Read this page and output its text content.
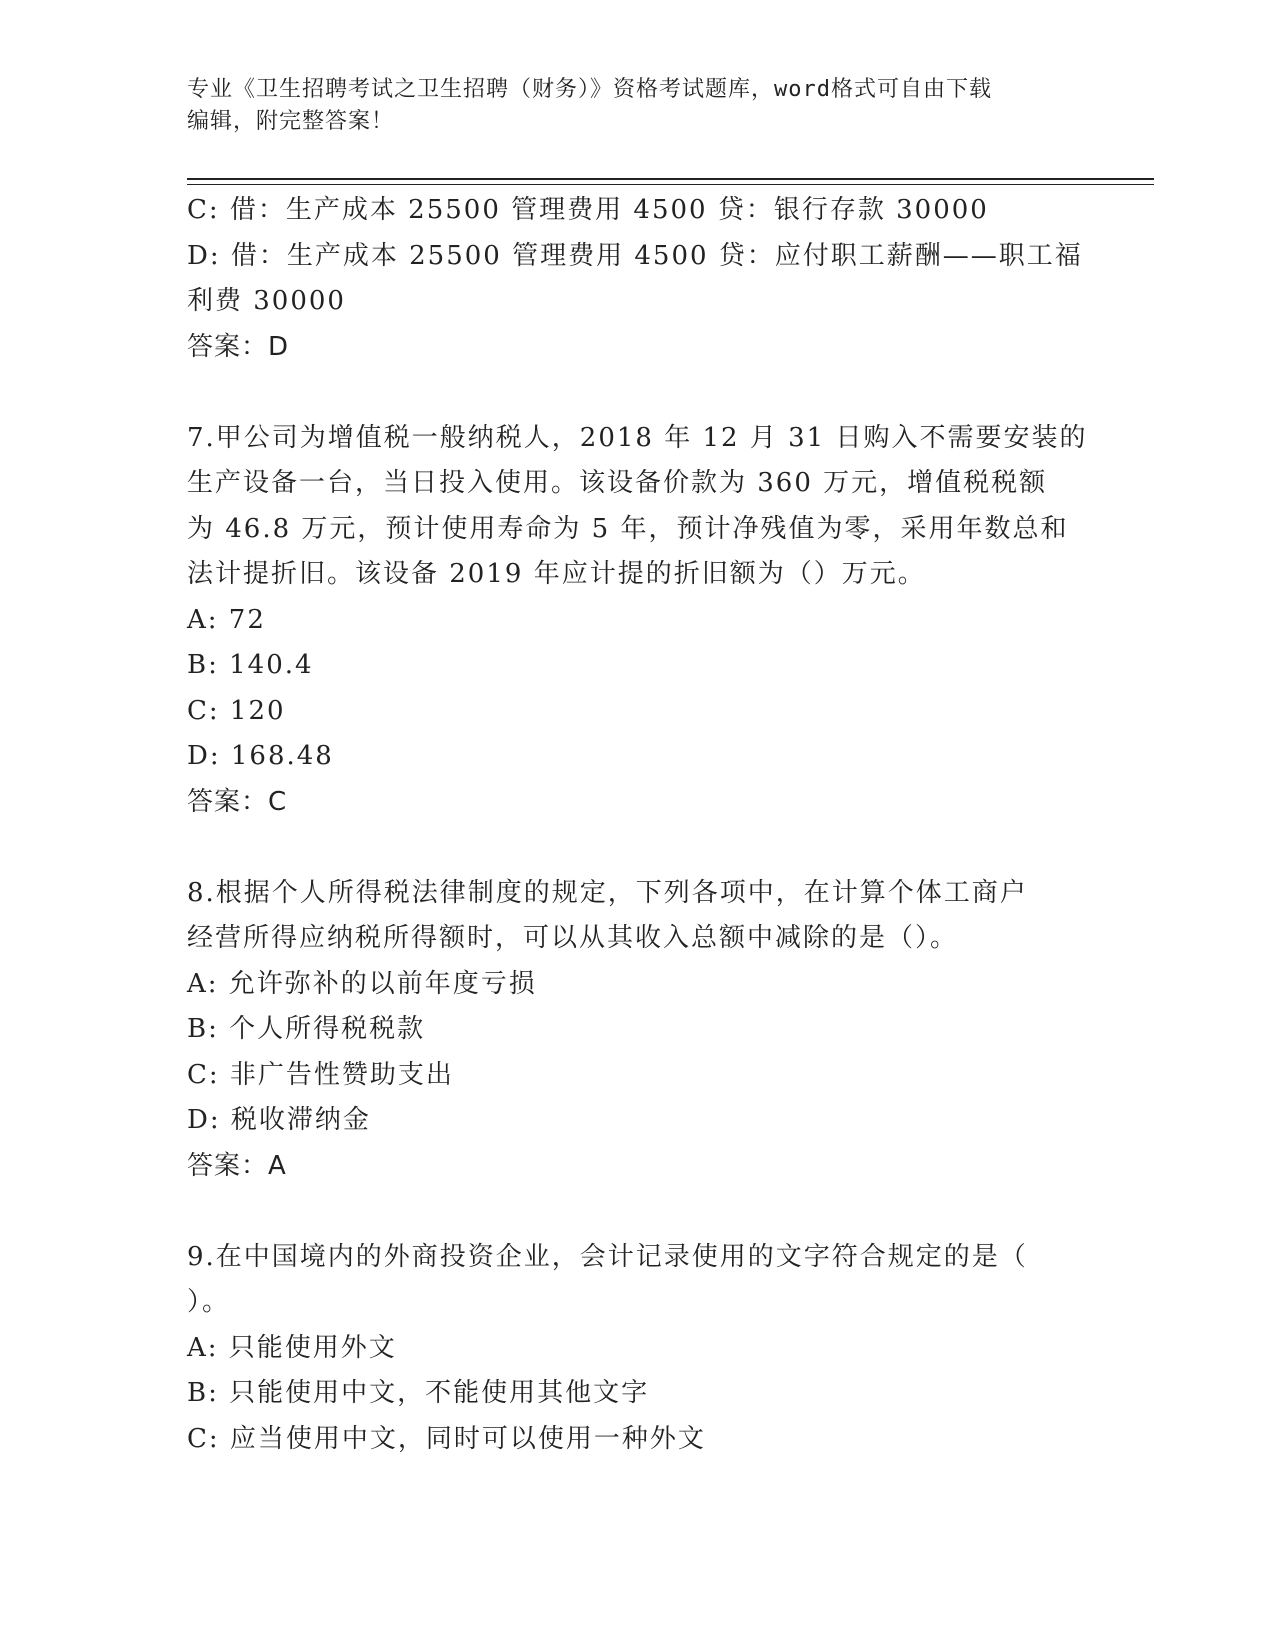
专业《卫生招聘考试之卫生招聘（财务）》资格考试题库，word格式可自由下载
编辑，附完整答案！
C: 借：生产成本 25500 管理费用 4500 贷：银行存款 30000
D: 借：生产成本 25500 管理费用 4500 贷：应付职工薪酬——职工福
利费 30000
答案：D
7.甲公司为增值税一般纳税人，2018 年 12 月 31 日购入不需要安装的
生产设备一台，当日投入使用。该设备价款为 360 万元，增值税税额
为 46.8 万元，预计使用寿命为 5 年，预计净残值为零，采用年数总和
法计提折旧。该设备 2019 年应计提的折旧额为（）万元。
A: 72
B: 140.4
C: 120
D: 168.48
答案：C
8.根据个人所得税法律制度的规定，下列各项中，在计算个体工商户
经营所得应纳税所得额时，可以从其收入总额中减除的是（）。
A: 允许弥补的以前年度亏损
B: 个人所得税税款
C: 非广告性赞助支出
D: 税收滞纳金
答案：A
9.在中国境内的外商投资企业，会计记录使用的文字符合规定的是（
）。
A: 只能使用外文
B: 只能使用中文，不能使用其他文字
C: 应当使用中文，同时可以使用一种外文
